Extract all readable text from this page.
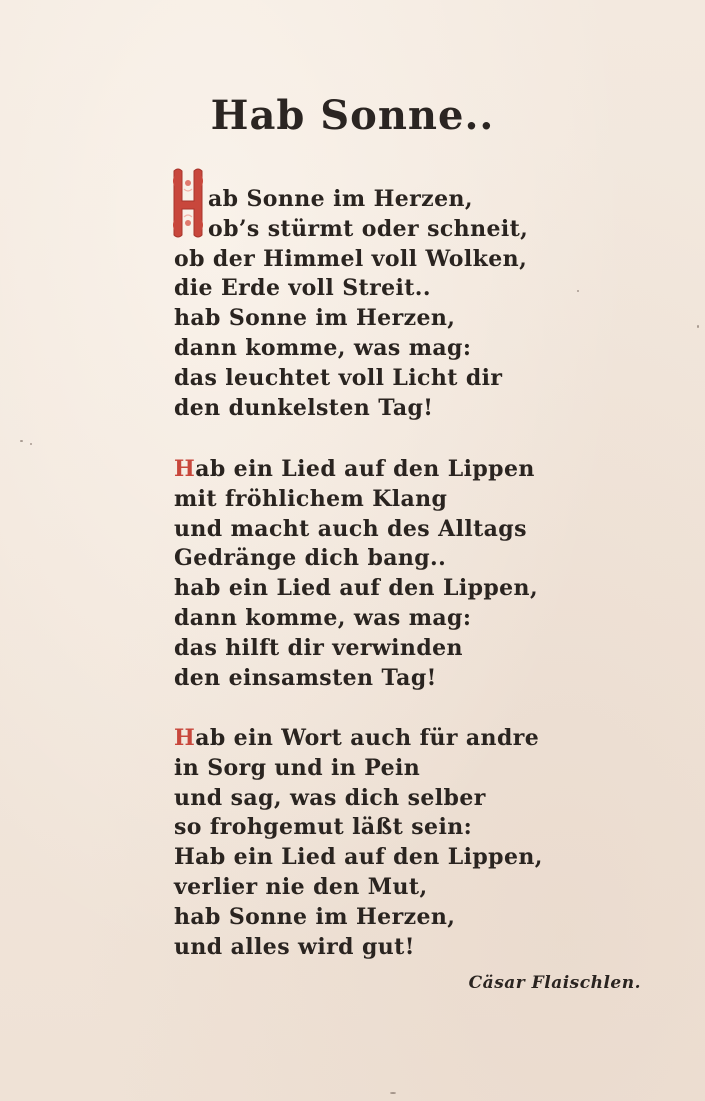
Hab Sonne..
ab Sonne im Herzen,
ob’s stürmt oder schneit,
ob der Himmel voll Wolken,
die Erde voll Streit..
hab Sonne im Herzen,
dann komme, was mag:
das leuchtet voll Licht dir
den dunkelsten Tag!
Hab ein Lied auf den Lippen
mit fröhlichem Klang
und macht auch des Alltags
Gedränge dich bang..
hab ein Lied auf den Lippen,
dann komme, was mag:
das hilft dir verwinden
den einsamsten Tag!
Hab ein Wort auch für andre
in Sorg und in Pein
und sag, was dich selber
so frohgemut läßt sein:
Hab ein Lied auf den Lippen,
verlier nie den Mut,
hab Sonne im Herzen,
und alles wird gut!
Cäsar Flaischlen.
